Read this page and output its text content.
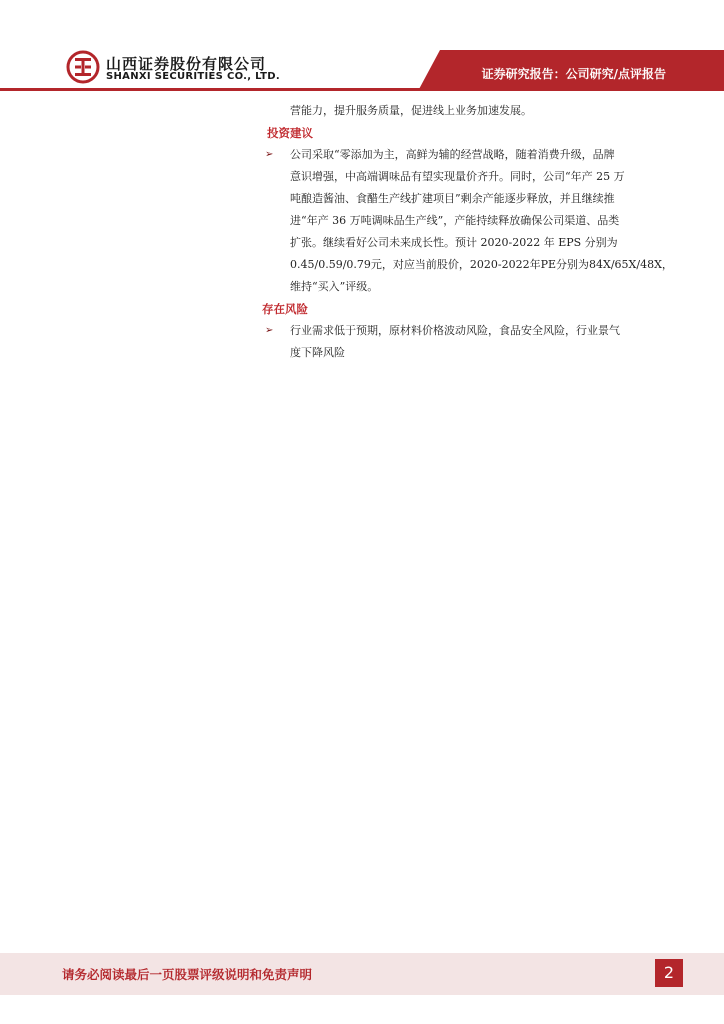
山西证券股份有限公司
SHANXI SECURITIES CO., LTD.	证券研究报告：公司研究/点评报告

营能力，提升服务质量，促进线上业务加速发展。

投资建议

➢ 公司采取“零添加为主，高鲜为辅的经营战略，随着消费升级，品牌

意识增强，中高端调味品有望实现量价齐升。同时，公司“年产 25 万

吨酿造酱油、食醋生产线扩建项目”剩余产能逐步释放，并且继续推

进“年产 36 万吨调味品生产线”，产能持续释放确保公司渠道、品类

扩张。继续看好公司未来成长性。预计 2020-2022 年 EPS 分别为

0.45/0.59/0.79元，对应当前股价，2020-2022年PE分别为84X/65X/48X，

维持“买入”评级。

存在风险

➢ 行业需求低于预期，原材料价格波动风险，食品安全风险，行业景气

度下降风险

请务必阅读最后一页股票评级说明和免责声明	2
